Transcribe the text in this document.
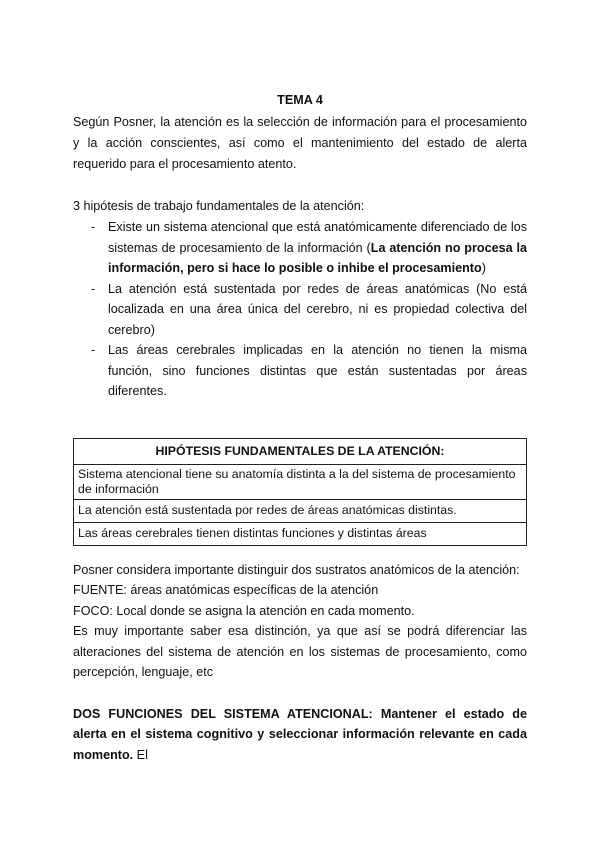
TEMA 4

Según Posner, la atención es la selección de información para el procesamiento y la acción conscientes, así como el mantenimiento del estado de alerta requerido para el procesamiento atento.

3 hipótesis de trabajo fundamentales de la atención:

- Existe un sistema atencional que está anatómicamente diferenciado de los sistemas de procesamiento de la información (La atención no procesa la información, pero si hace lo posible o inhibe el procesamiento)
- La atención está sustentada por redes de áreas anatómicas (No está localizada en una área única del cerebro, ni es propiedad colectiva del cerebro)
- Las áreas cerebrales implicadas en la atención no tienen la misma función, sino funciones distintas que están sustentadas por áreas diferentes.
HIPÓTESIS FUNDAMENTALES DE LA ATENCIÓN:
Sistema atencional tiene su anatomía distinta a la del sistema de procesamiento de información
La atención está sustentada por redes de áreas anatómicas distintas.
Las áreas cerebrales tienen distintas funciones y distintas áreas

Posner considera importante distinguir dos sustratos anatómicos de la atención:

FUENTE: áreas anatómicas específicas de la atención

FOCO: Local donde se asigna la atención en cada momento.

Es muy importante saber esa distinción, ya que así se podrá diferenciar las alteraciones del sistema de atención en los sistemas de procesamiento, como percepción, lenguaje, etc

DOS FUNCIONES DEL SISTEMA ATENCIONAL: Mantener el estado de alerta en el sistema cognitivo y seleccionar información relevante en cada momento. El
